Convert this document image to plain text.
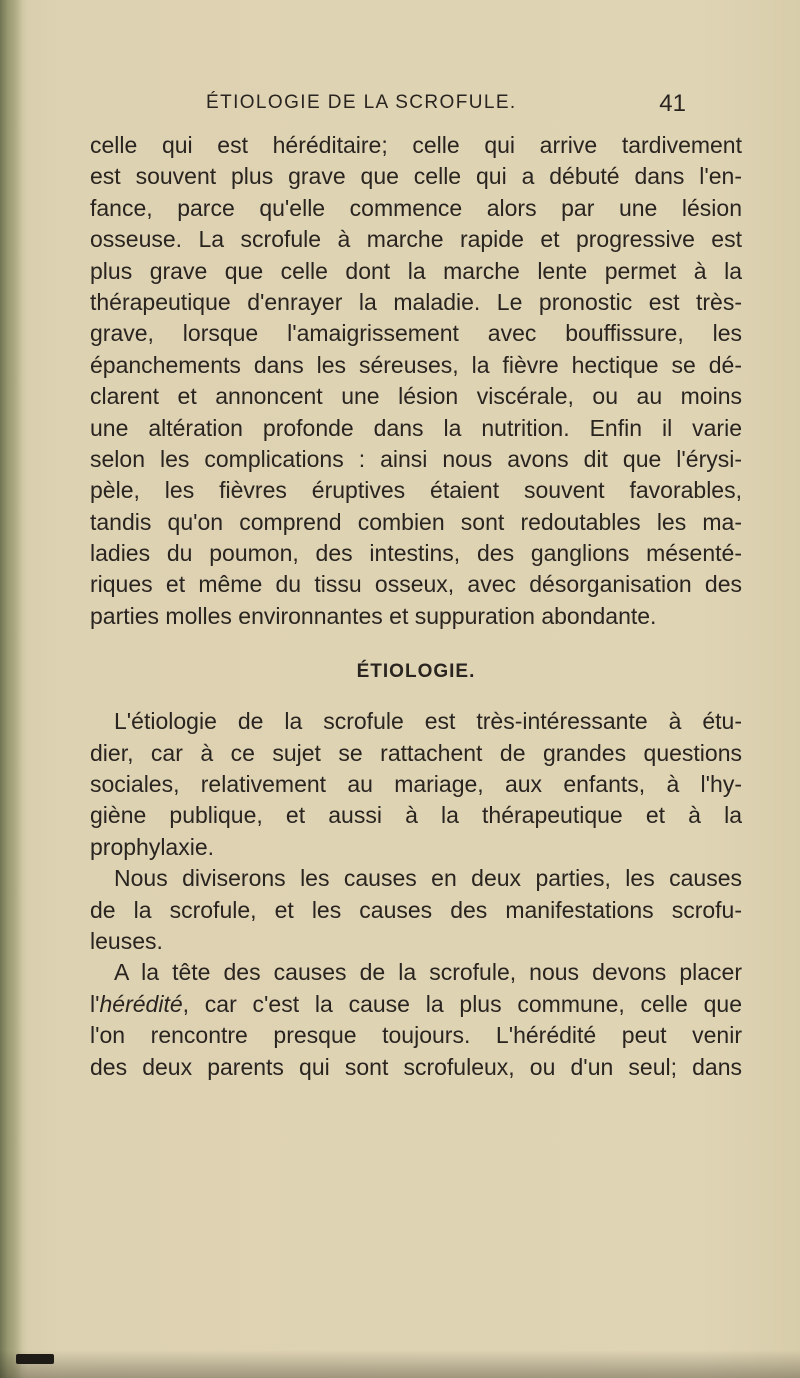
ÉTIOLOGIE DE LA SCROFULE.	41
celle qui est héréditaire; celle qui arrive tardivement
est souvent plus grave que celle qui a débuté dans l'en-
fance, parce qu'elle commence alors par une lésion
osseuse. La scrofule à marche rapide et progressive est
plus grave que celle dont la marche lente permet à la
thérapeutique d'enrayer la maladie. Le pronostic est très-
grave, lorsque l'amaigrissement avec bouffissure, les
épanchements dans les séreuses, la fièvre hectique se dé-
clarent et annoncent une lésion viscérale, ou au moins
une altération profonde dans la nutrition. Enfin il varie
selon les complications : ainsi nous avons dit que l'érysi-
pèle, les fièvres éruptives étaient souvent favorables,
tandis qu'on comprend combien sont redoutables les ma-
ladies du poumon, des intestins, des ganglions mésenté-
riques et même du tissu osseux, avec désorganisation des
parties molles environnantes et suppuration abondante.
ÉTIOLOGIE.
L'étiologie de la scrofule est très-intéressante à étu-
dier, car à ce sujet se rattachent de grandes questions
sociales, relativement au mariage, aux enfants, à l'hy-
giène publique, et aussi à la thérapeutique et à la
prophylaxie.
Nous diviserons les causes en deux parties, les causes
de la scrofule, et les causes des manifestations scrofu-
leuses.
A la tête des causes de la scrofule, nous devons placer
l'hérédité, car c'est la cause la plus commune, celle que
l'on rencontre presque toujours. L'hérédité peut venir
des deux parents qui sont scrofuleux, ou d'un seul; dans
